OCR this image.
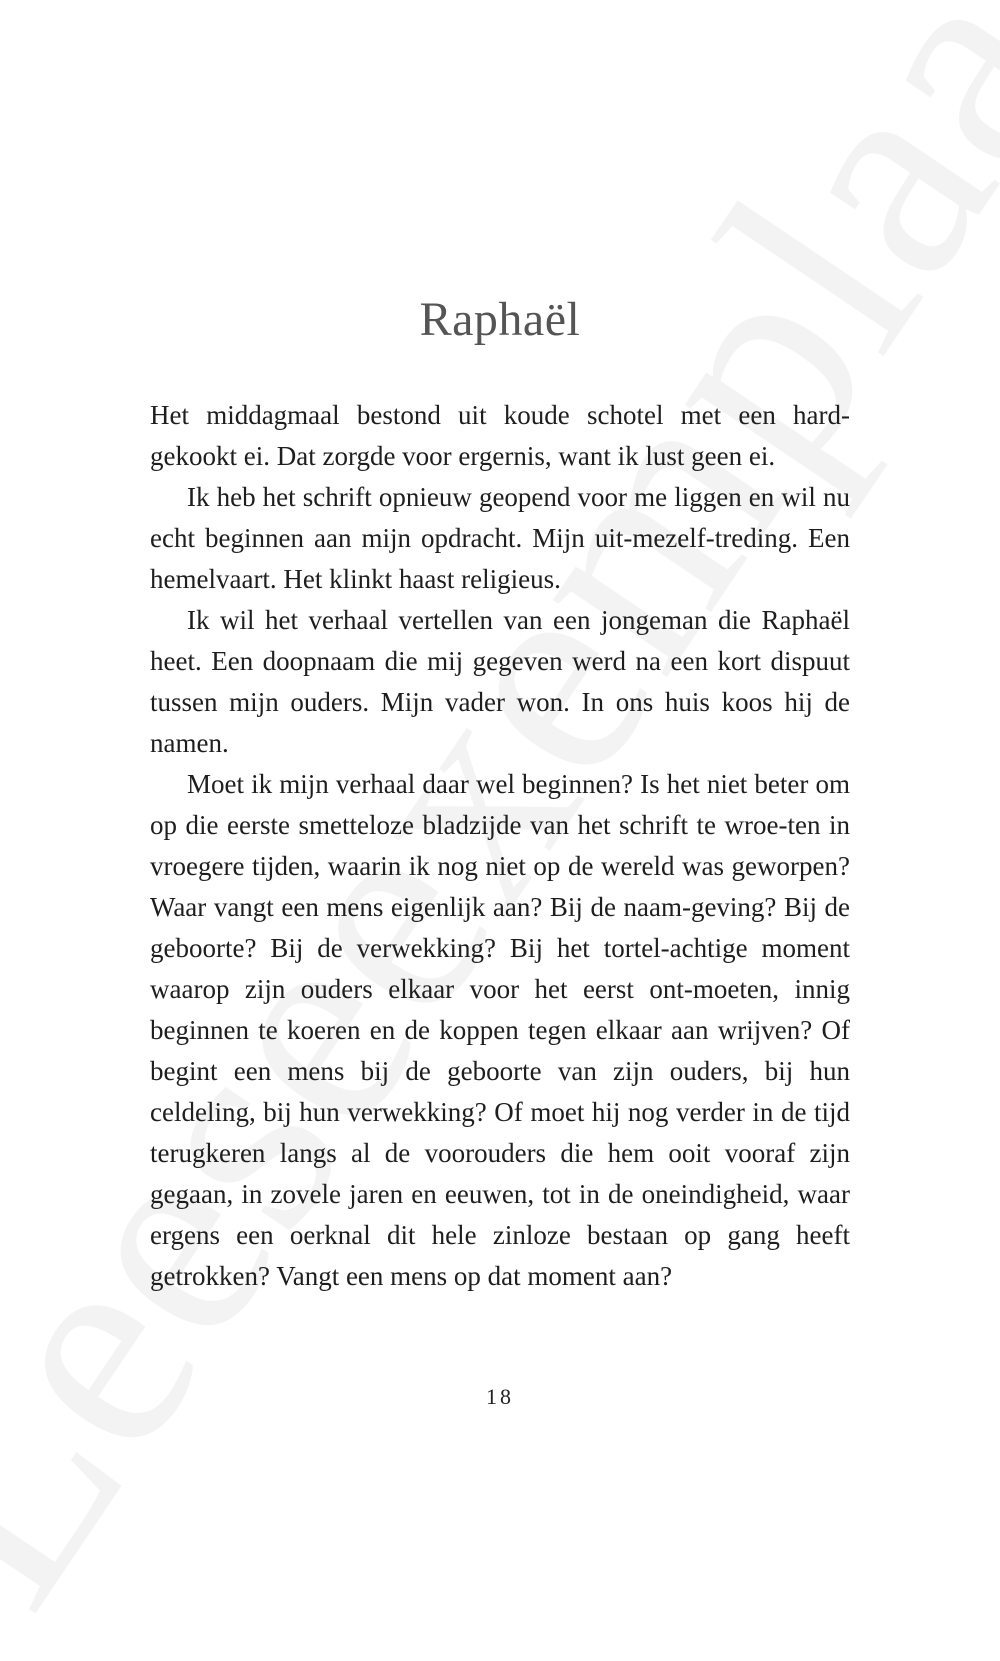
Raphaël

Het middagmaal bestond uit koude schotel met een hard-gekookt ei. Dat zorgde voor ergernis, want ik lust geen ei.

Ik heb het schrift opnieuw geopend voor me liggen en wil nu echt beginnen aan mijn opdracht. Mijn uit-mezelf-treding. Een hemelvaart. Het klinkt haast religieus.

Ik wil het verhaal vertellen van een jongeman die Raphaël heet. Een doopnaam die mij gegeven werd na een kort dispuut tussen mijn ouders. Mijn vader won. In ons huis koos hij de namen.

Moet ik mijn verhaal daar wel beginnen? Is het niet beter om op die eerste smetteloze bladzijde van het schrift te wroe-ten in vroegere tijden, waarin ik nog niet op de wereld was geworpen? Waar vangt een mens eigenlijk aan? Bij de naam-geving? Bij de geboorte? Bij de verwekking? Bij het tortel-achtige moment waarop zijn ouders elkaar voor het eerst ont-moeten, innig beginnen te koeren en de koppen tegen elkaar aan wrijven? Of begint een mens bij de geboorte van zijn ouders, bij hun celdeling, bij hun verwekking? Of moet hij nog verder in de tijd terugkeren langs al de voorouders die hem ooit vooraf zijn gegaan, in zovele jaren en eeuwen, tot in de oneindigheid, waar ergens een oerknal dit hele zinloze bestaan op gang heeft getrokken? Vangt een mens op dat moment aan?

18
